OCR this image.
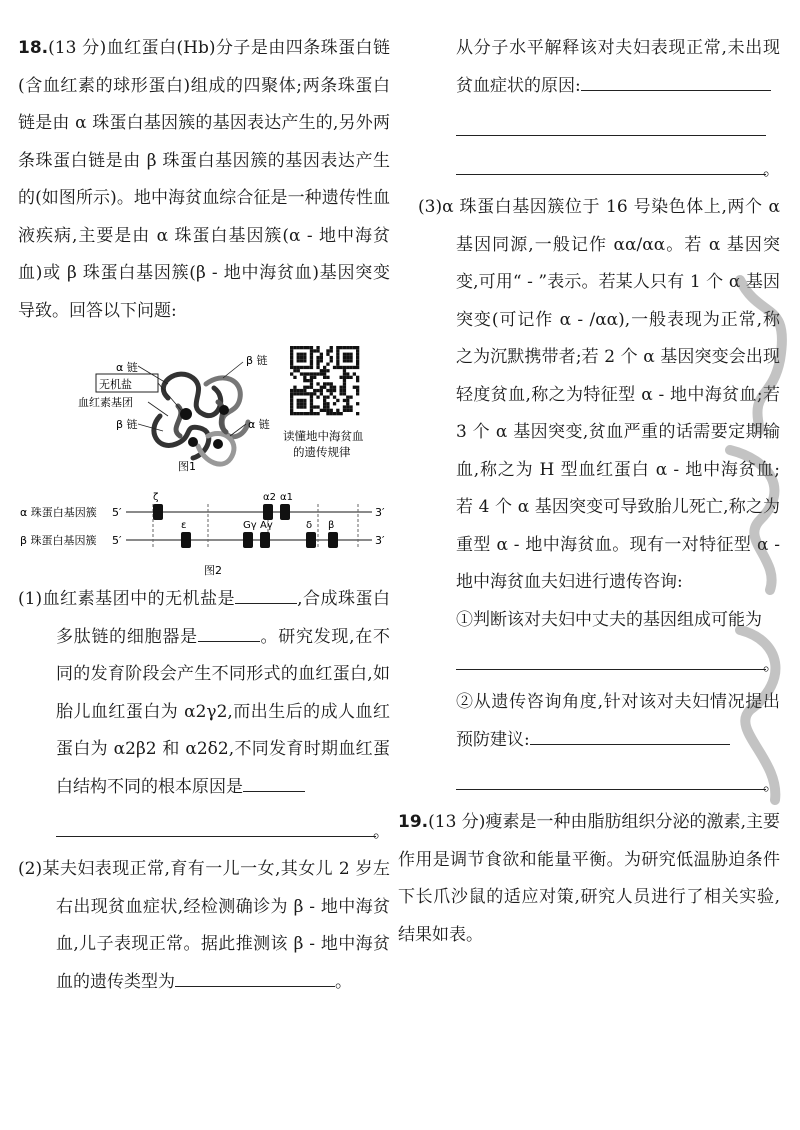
18.(13 分)血红蛋白(Hb)分子是由四条珠蛋白链(含血红素的球形蛋白)组成的四聚体;两条珠蛋白链是由 α 珠蛋白基因簇的基因表达产生的,另外两条珠蛋白链是由 β 珠蛋白基因簇的基因表达产生的(如图所示)。地中海贫血综合征是一种遗传性血液疾病,主要是由 α 珠蛋白基因簇(α - 地中海贫血)或 β 珠蛋白基因簇(β - 地中海贫血)基因突变导致。回答以下问题:

α 链
无机盐
血红素基团
β 链
β 链
α 链
图1
读懂地中海贫血
的遗传规律
α 珠蛋白基因簇
β 珠蛋白基因簇
5′
5′
3′
3′
图2
ζ	α2 α1
ε	Gγ Aγ	δ β

(1)血红素基团中的无机盐是	,合成珠蛋白多肽链的细胞器是	。研究发现,在不同的发育阶段会产生不同形式的血红蛋白,如胎儿血红蛋白为 α2γ2,而出生后的成人血红蛋白为 α2β2 和 α2δ2,不同发育时期血红蛋白结构不同的根本原因是

。

(2)某夫妇表现正常,育有一儿一女,其女儿 2 岁左右出现贫血症状,经检测确诊为 β - 地中海贫血,儿子表现正常。据此推测该 β - 地中海贫血的遗传类型为	。

从分子水平解释该对夫妇表现正常,未出现贫血症状的原因:

。

(3)α 珠蛋白基因簇位于 16 号染色体上,两个 α 基因同源,一般记作 αα/αα。若 α 基因突变,可用“ - ”表示。若某人只有 1 个 α 基因突变(可记作 α - /αα),一般表现为正常,称之为沉默携带者;若 2 个 α 基因突变会出现轻度贫血,称之为特征型 α - 地中海贫血;若 3 个 α 基因突变,贫血严重的话需要定期输血,称之为 H 型血红蛋白 α - 地中海贫血;若 4 个 α 基因突变可导致胎儿死亡,称之为重型 α - 地中海贫血。现有一对特征型 α - 地中海贫血夫妇进行遗传咨询:

①判断该对夫妇中丈夫的基因组成可能为

。

②从遗传咨询角度,针对该对夫妇情况提出预防建议:

。

19.(13 分)瘦素是一种由脂肪组织分泌的激素,主要作用是调节食欲和能量平衡。为研究低温胁迫条件下长爪沙鼠的适应对策,研究人员进行了相关实验,结果如表。
